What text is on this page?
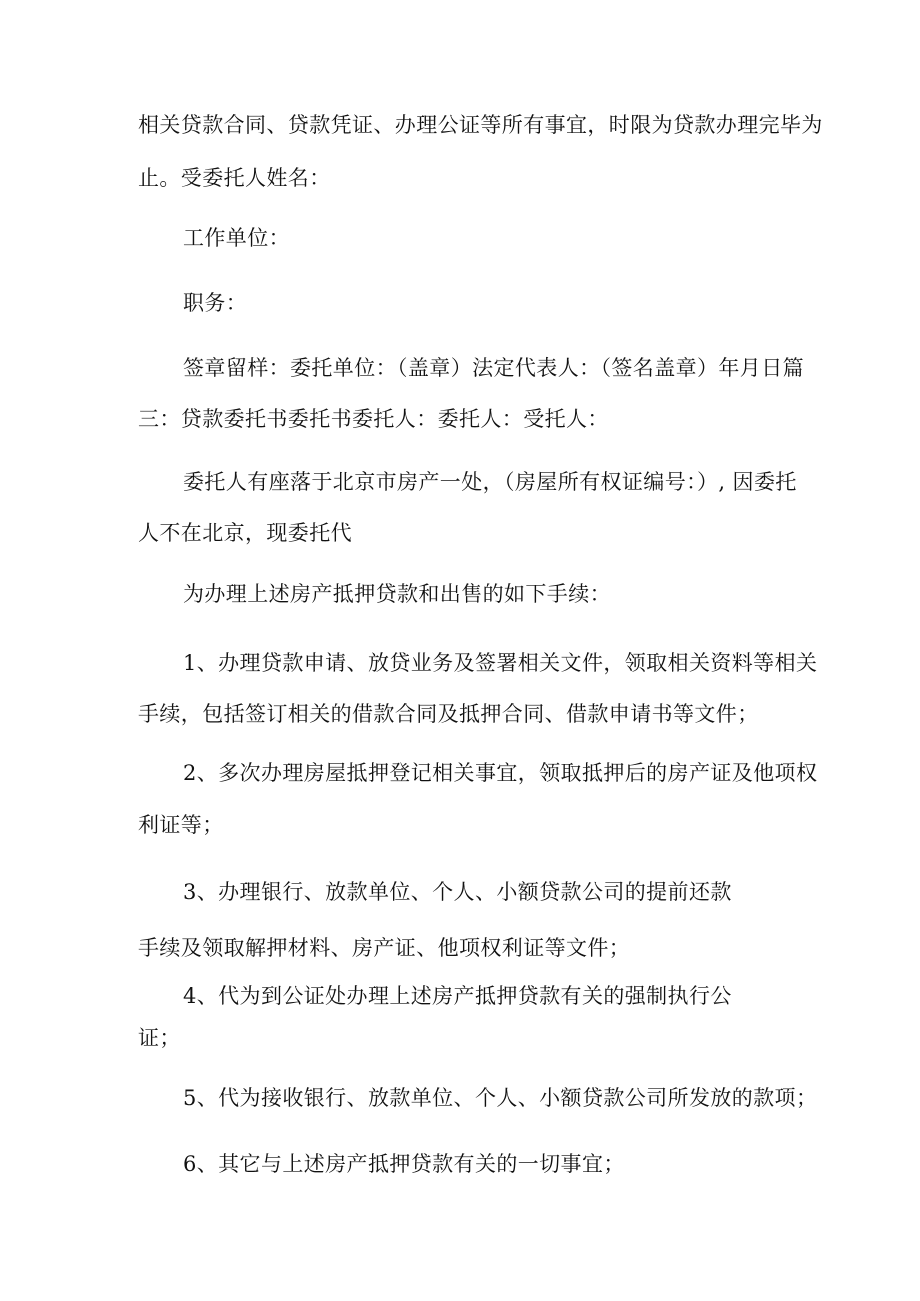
相关贷款合同、贷款凭证、办理公证等所有事宜，时限为贷款办理完毕为
止。受委托人姓名：
工作单位：
职务：
签章留样：委托单位：（盖章）法定代表人：（签名盖章）年月日篇
三：贷款委托书委托书委托人：委托人：受托人：
委托人有座落于北京市房产一处，（房屋所有权证编号：）, 因委托
人不在北京，现委托代
为办理上述房产抵押贷款和出售的如下手续：
1、办理贷款申请、放贷业务及签署相关文件，领取相关资料等相关
手续，包括签订相关的借款合同及抵押合同、借款申请书等文件；
2、多次办理房屋抵押登记相关事宜，领取抵押后的房产证及他项权
利证等；
3、办理银行、放款单位、个人、小额贷款公司的提前还款
手续及领取解押材料、房产证、他项权利证等文件；
4、代为到公证处办理上述房产抵押贷款有关的强制执行公
证；
5、代为接收银行、放款单位、个人、小额贷款公司所发放的款项；
6、其它与上述房产抵押贷款有关的一切事宜；
